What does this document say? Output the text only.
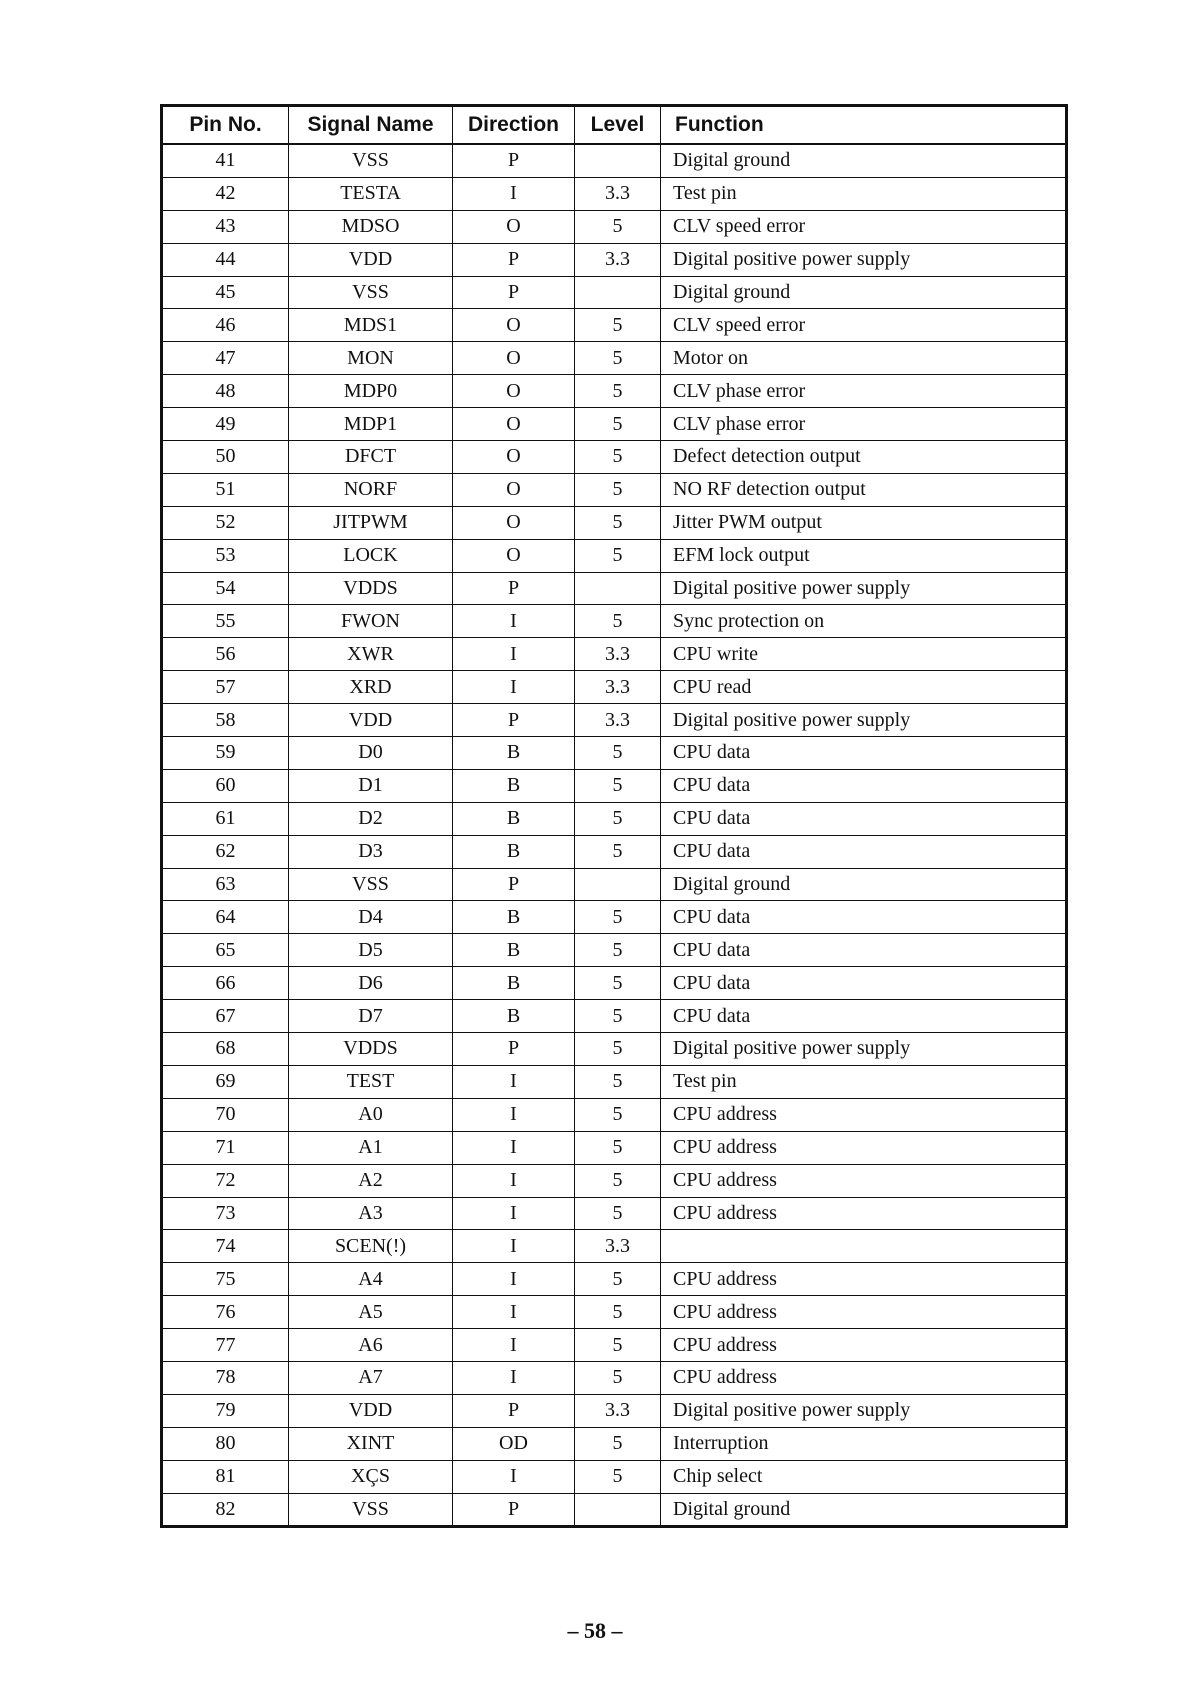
Pin No.	Signal Name	Direction	Level	Function
41	VSS	P		Digital ground
42	TESTA	I	3.3	Test pin
43	MDSO	O	5	CLV speed error
44	VDD	P	3.3	Digital positive power supply
45	VSS	P		Digital ground
46	MDS1	O	5	CLV speed error
47	MON	O	5	Motor on
48	MDP0	O	5	CLV phase error
49	MDP1	O	5	CLV phase error
50	DFCT	O	5	Defect detection output
51	NORF	O	5	NO RF detection output
52	JITPWM	O	5	Jitter PWM output
53	LOCK	O	5	EFM lock output
54	VDDS	P		Digital positive power supply
55	FWON	I	5	Sync protection on
56	XWR	I	3.3	CPU write
57	XRD	I	3.3	CPU read
58	VDD	P	3.3	Digital positive power supply
59	D0	B	5	CPU data
60	D1	B	5	CPU data
61	D2	B	5	CPU data
62	D3	B	5	CPU data
63	VSS	P		Digital ground
64	D4	B	5	CPU data
65	D5	B	5	CPU data
66	D6	B	5	CPU data
67	D7	B	5	CPU data
68	VDDS	P	5	Digital positive power supply
69	TEST	I	5	Test pin
70	A0	I	5	CPU address
71	A1	I	5	CPU address
72	A2	I	5	CPU address
73	A3	I	5	CPU address
74	SCEN(!)	I	3.3	
75	A4	I	5	CPU address
76	A5	I	5	CPU address
77	A6	I	5	CPU address
78	A7	I	5	CPU address
79	VDD	P	3.3	Digital positive power supply
80	XINT	OD	5	Interruption
81	XÇS	I	5	Chip select
82	VSS	P		Digital ground
– 58 –
